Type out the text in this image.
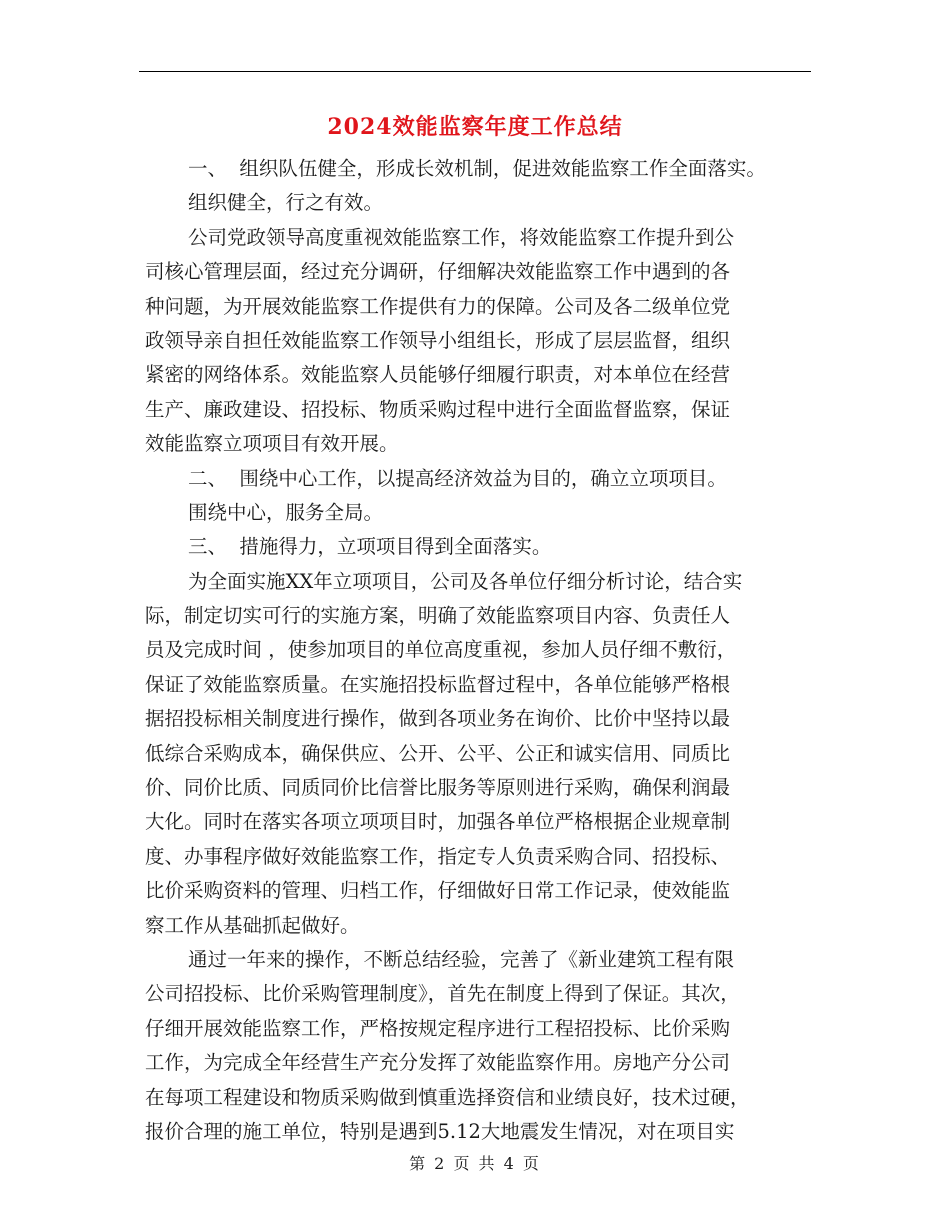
2024效能监察年度工作总结
一、  组织队伍健全，形成长效机制，促进效能监察工作全面落实。
组织健全，行之有效。
公司党政领导高度重视效能监察工作，将效能监察工作提升到公
司核心管理层面，经过充分调研，仔细解决效能监察工作中遇到的各
种问题，为开展效能监察工作提供有力的保障。公司及各二级单位党
政领导亲自担任效能监察工作领导小组组长，形成了层层监督，组织
紧密的网络体系。效能监察人员能够仔细履行职责，对本单位在经营
生产、廉政建设、招投标、物质采购过程中进行全面监督监察，保证
效能监察立项项目有效开展。
二、  围绕中心工作，以提高经济效益为目的，确立立项项目。
围绕中心，服务全局。
三、  措施得力，立项项目得到全面落实。
为全面实施XX年立项项目，公司及各单位仔细分析讨论，结合实
际，制定切实可行的实施方案，明确了效能监察项目内容、负责任人
员及完成时间 ，使参加项目的单位高度重视，参加人员仔细不敷衍，
保证了效能监察质量。在实施招投标监督过程中，各单位能够严格根
据招投标相关制度进行操作，做到各项业务在询价、比价中坚持以最
低综合采购成本，确保供应、公开、公平、公正和诚实信用、同质比
价、同价比质、同质同价比信誉比服务等原则进行采购，确保利润最
大化。同时在落实各项立项项目时，加强各单位严格根据企业规章制
度、办事程序做好效能监察工作，指定专人负责采购合同、招投标、
比价采购资料的管理、归档工作，仔细做好日常工作记录，使效能监
察工作从基础抓起做好。
通过一年来的操作，不断总结经验，完善了《新业建筑工程有限
公司招投标、比价采购管理制度》，首先在制度上得到了保证。其次，
仔细开展效能监察工作，严格按规定程序进行工程招投标、比价采购
工作，为完成全年经营生产充分发挥了效能监察作用。房地产分公司
在每项工程建设和物质采购做到慎重选择资信和业绩良好，技术过硬，
报价合理的施工单位，特别是遇到5.12大地震发生情况，对在项目实
第 2 页 共 4 页
